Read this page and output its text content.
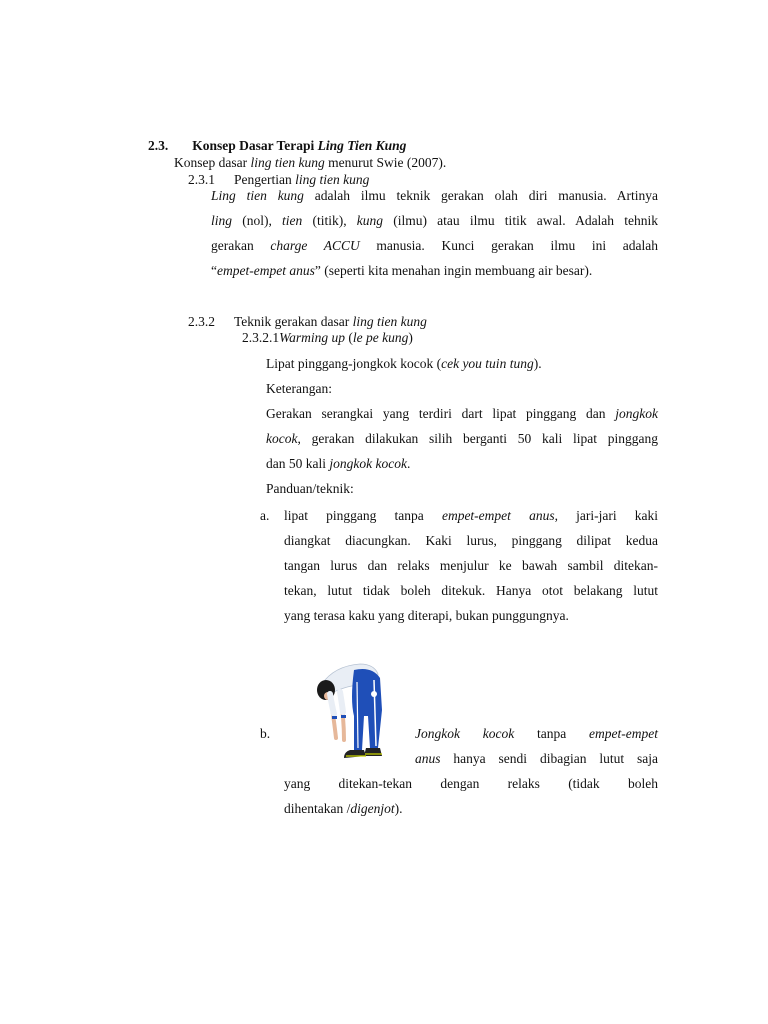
2.3. Konsep Dasar Terapi Ling Tien Kung
Konsep dasar ling tien kung menurut Swie (2007).
2.3.1 Pengertian ling tien kung
Ling tien kung adalah ilmu teknik gerakan olah diri manusia. Artinya
ling (nol), tien (titik), kung (ilmu) atau ilmu titik awal. Adalah tehnik
gerakan charge ACCU manusia. Kunci gerakan ilmu ini adalah
“empet-empet anus” (seperti kita menahan ingin membuang air besar).
2.3.2 Teknik gerakan dasar ling tien kung
2.3.2.1Warming up (le pe kung)
Lipat pinggang-jongkok kocok (cek you tuin tung).
Keterangan:
Gerakan serangkai yang terdiri dart lipat pinggang dan jongkok
kocok, gerakan dilakukan silih berganti 50 kali lipat pinggang
dan 50 kali jongkok kocok.
Panduan/teknik:
a. lipat pinggang tanpa empet-empet anus, jari-jari kaki
diangkat diacungkan. Kaki lurus, pinggang dilipat kedua
tangan lurus dan relaks menjulur ke bawah sambil ditekan-
tekan, lutut tidak boleh ditekuk. Hanya otot belakang lutut
yang terasa kaku yang diterapi, bukan punggungnya.
b.	Jongkok kocok tanpa empet-empet
anus hanya sendi dibagian lutut saja
yang ditekan-tekan dengan relaks (tidak boleh
dihentakan /digenjot).
